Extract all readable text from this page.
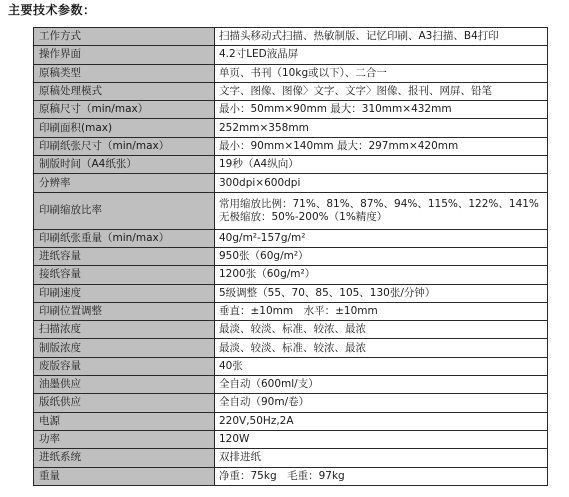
主要技术参数：
工作方式	扫描头移动式扫描、热敏制版、记忆印刷、A3扫描、B4打印
操作界面	4.2寸LED液晶屏
原稿类型	单页、书刊（10kg或以下）、二合一
原稿处理模式	文字、图像、图像〉文字、文字〉图像、报刊、网屏、铅笔
原稿尺寸（min/max）	最小：50mm×90mm 最大：310mm×432mm
印刷面积(max)	252mm×358mm
印刷纸张尺寸（min/max）	最小：90mm×140mm 最大：297mm×420mm
制版时间（A4纸张）	19秒（A4纵向）
分辨率	300dpi×600dpi
印刷缩放比率	常用缩放比例：71%、81%、87%、94%、115%、122%、141%
无极缩放：50%-200%（1%精度）

印刷纸张重量（min/max）	40g/m²-157g/m²
进纸容量	950张（60g/m²）
接纸容量	1200张（60g/m²）
印刷速度	5级调整（55、70、85、105、130张/分钟）
印刷位置调整	垂直：±10mm　水平：±10mm
扫描浓度	最淡、较淡、标准、较浓、最浓
制版浓度	最淡、较淡、标准、较浓、最浓
废版容量	40张
油墨供应	全自动（600ml/支）
版纸供应	全自动（90m/卷）
电源	220V,50Hz,2A
功率	120W
进纸系统	双排进纸
重量	净重：75kg　毛重：97kg
